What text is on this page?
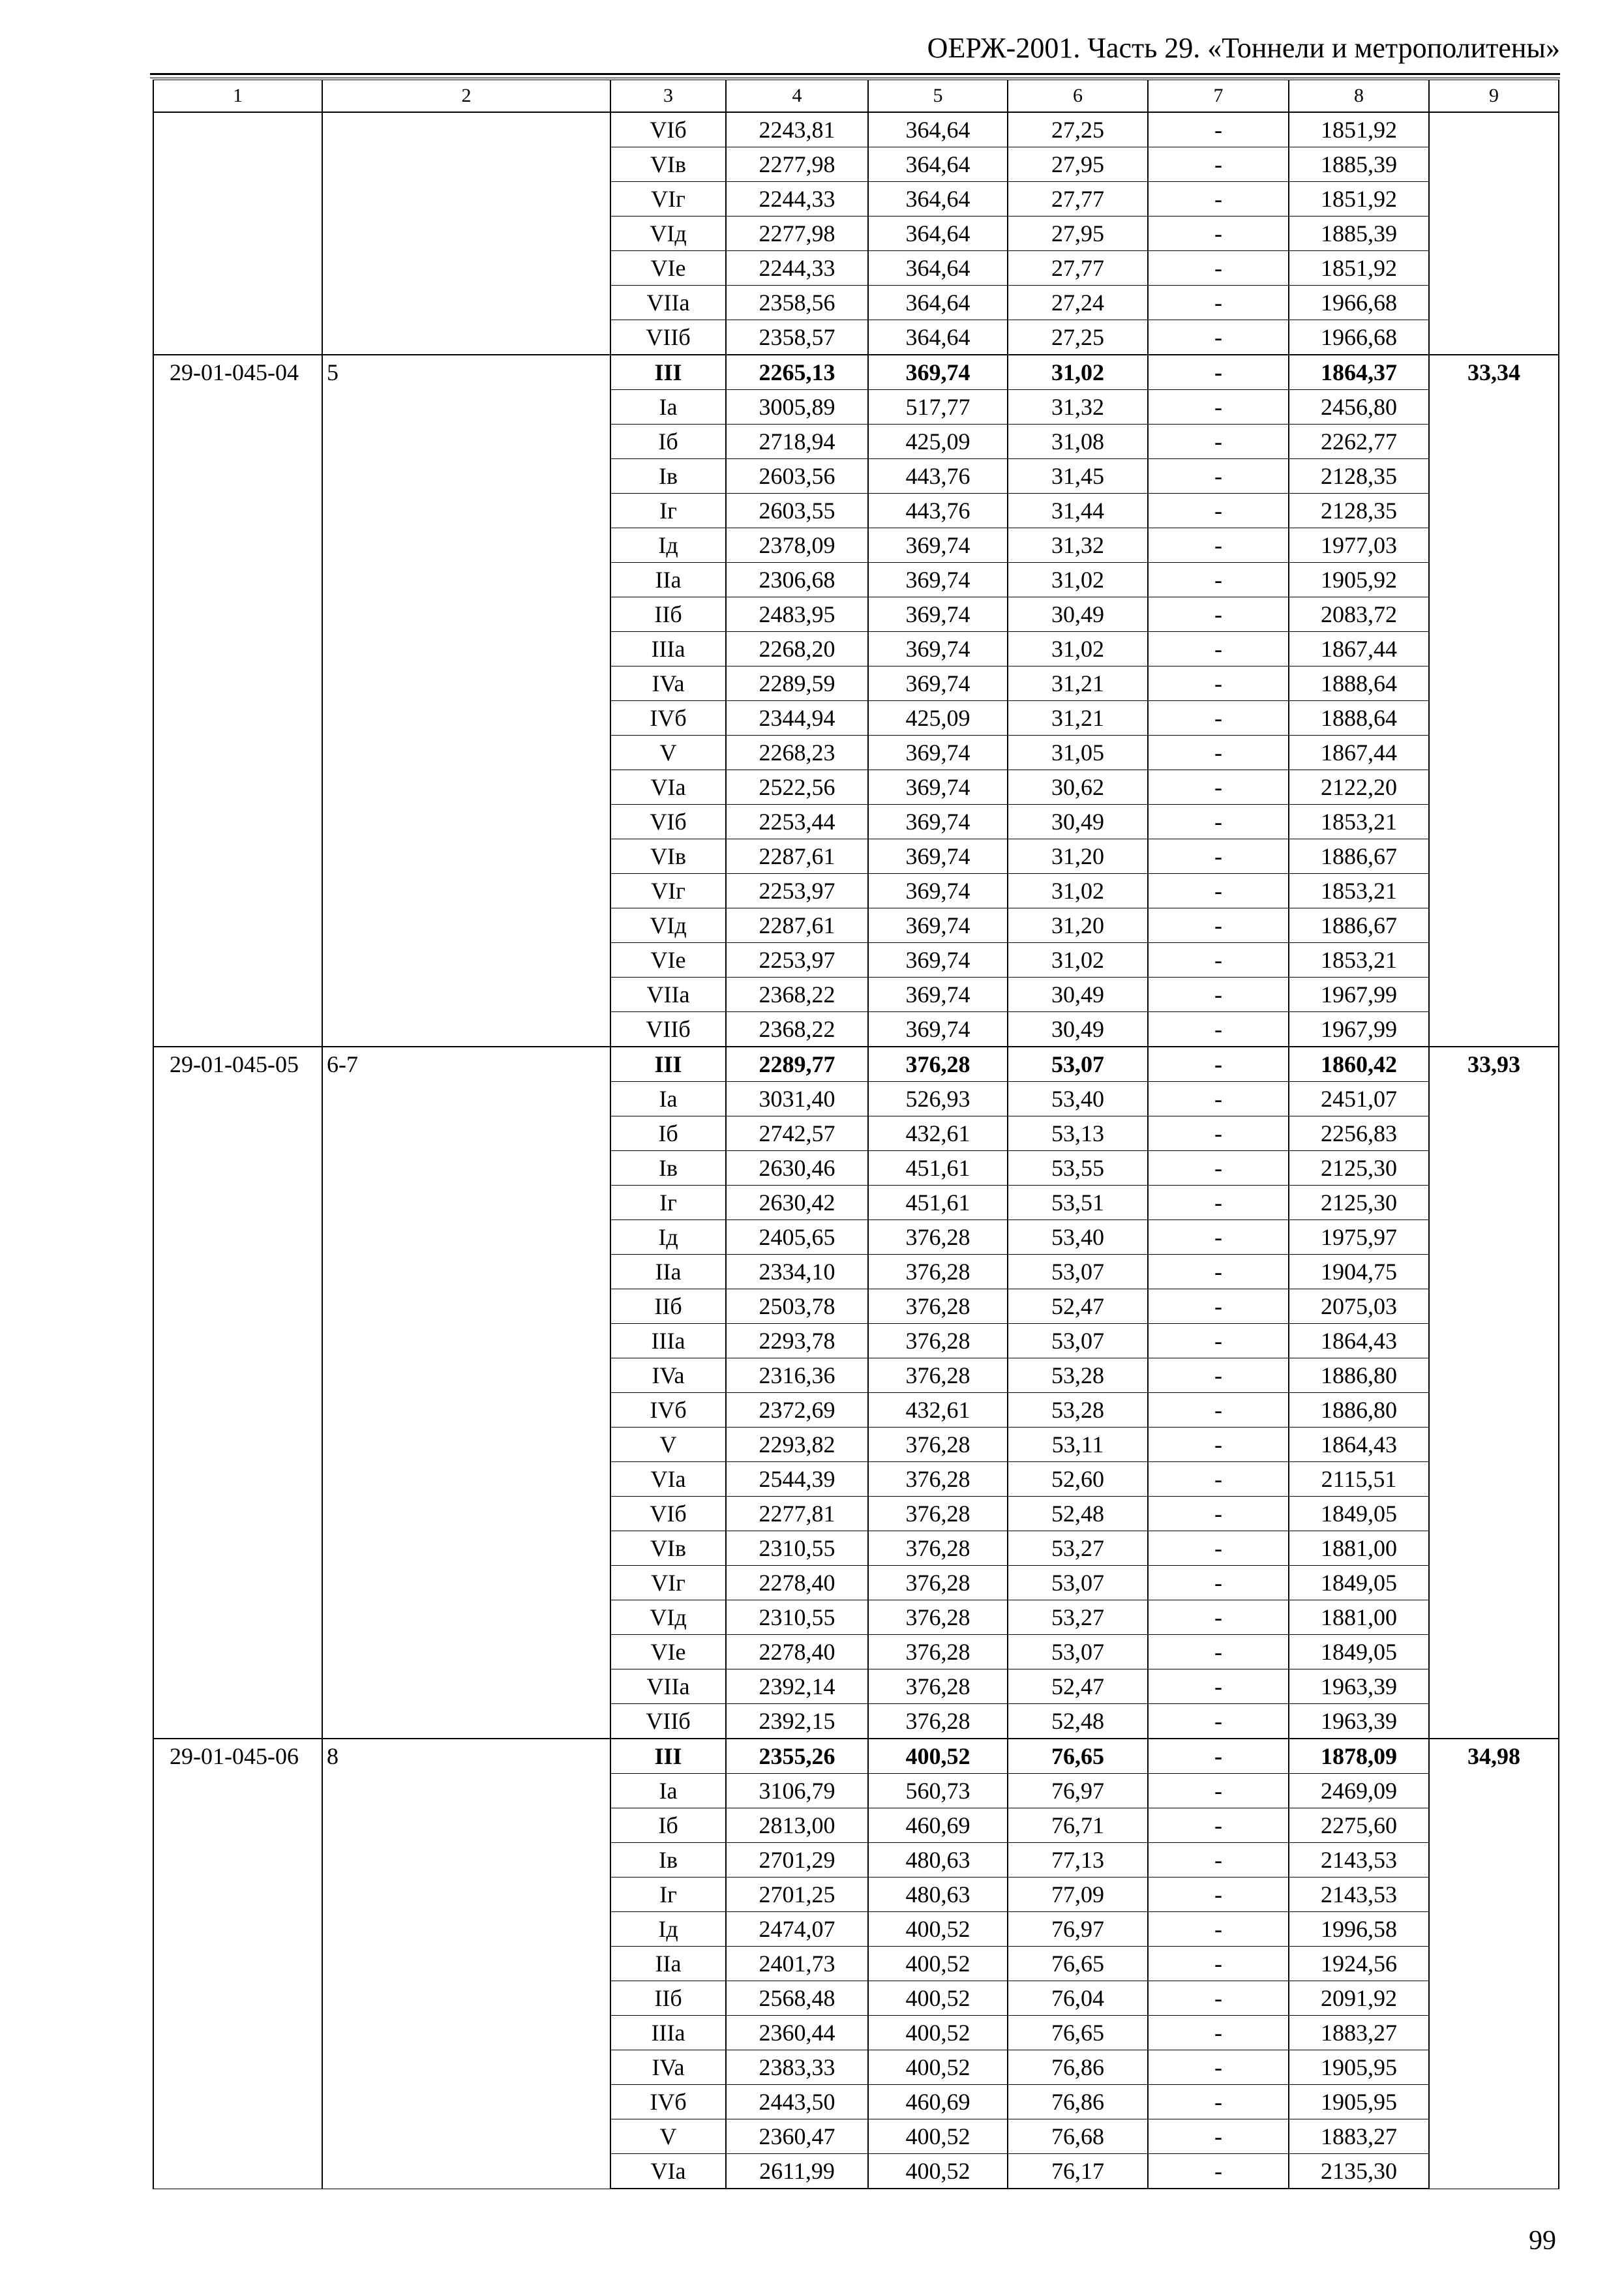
ОЕРЖ-2001. Часть 29. «Тоннели и метрополитены»
1	2	3	4	5	6	7	8	9
		VIб	2243,81	364,64	27,25	-	1851,92	
		VIв	2277,98	364,64	27,95	-	1885,39	
		VIг	2244,33	364,64	27,77	-	1851,92	
		VIд	2277,98	364,64	27,95	-	1885,39	
		VIe	2244,33	364,64	27,77	-	1851,92	
		VIIa	2358,56	364,64	27,24	-	1966,68	
		VIIб	2358,57	364,64	27,25	-	1966,68	
29-01-045-04	5	III	2265,13	369,74	31,02	-	1864,37	33,34
		Ia	3005,89	517,77	31,32	-	2456,80	
		Iб	2718,94	425,09	31,08	-	2262,77	
		Iв	2603,56	443,76	31,45	-	2128,35	
		Iг	2603,55	443,76	31,44	-	2128,35	
		Iд	2378,09	369,74	31,32	-	1977,03	
		IIa	2306,68	369,74	31,02	-	1905,92	
		IIб	2483,95	369,74	30,49	-	2083,72	
		IIIa	2268,20	369,74	31,02	-	1867,44	
		IVa	2289,59	369,74	31,21	-	1888,64	
		IVб	2344,94	425,09	31,21	-	1888,64	
		V	2268,23	369,74	31,05	-	1867,44	
		VIa	2522,56	369,74	30,62	-	2122,20	
		VIб	2253,44	369,74	30,49	-	1853,21	
		VIв	2287,61	369,74	31,20	-	1886,67	
		VIг	2253,97	369,74	31,02	-	1853,21	
		VIд	2287,61	369,74	31,20	-	1886,67	
		VIe	2253,97	369,74	31,02	-	1853,21	
		VIIa	2368,22	369,74	30,49	-	1967,99	
		VIIб	2368,22	369,74	30,49	-	1967,99	
29-01-045-05	6-7	III	2289,77	376,28	53,07	-	1860,42	33,93
		Ia	3031,40	526,93	53,40	-	2451,07	
		Iб	2742,57	432,61	53,13	-	2256,83	
		Iв	2630,46	451,61	53,55	-	2125,30	
		Iг	2630,42	451,61	53,51	-	2125,30	
		Iд	2405,65	376,28	53,40	-	1975,97	
		IIa	2334,10	376,28	53,07	-	1904,75	
		IIб	2503,78	376,28	52,47	-	2075,03	
		IIIa	2293,78	376,28	53,07	-	1864,43	
		IVa	2316,36	376,28	53,28	-	1886,80	
		IVб	2372,69	432,61	53,28	-	1886,80	
		V	2293,82	376,28	53,11	-	1864,43	
		VIa	2544,39	376,28	52,60	-	2115,51	
		VIб	2277,81	376,28	52,48	-	1849,05	
		VIв	2310,55	376,28	53,27	-	1881,00	
		VIг	2278,40	376,28	53,07	-	1849,05	
		VIд	2310,55	376,28	53,27	-	1881,00	
		VIe	2278,40	376,28	53,07	-	1849,05	
		VIIa	2392,14	376,28	52,47	-	1963,39	
		VIIб	2392,15	376,28	52,48	-	1963,39	
29-01-045-06	8	III	2355,26	400,52	76,65	-	1878,09	34,98
		Ia	3106,79	560,73	76,97	-	2469,09	
		Iб	2813,00	460,69	76,71	-	2275,60	
		Iв	2701,29	480,63	77,13	-	2143,53	
		Iг	2701,25	480,63	77,09	-	2143,53	
		Iд	2474,07	400,52	76,97	-	1996,58	
		IIa	2401,73	400,52	76,65	-	1924,56	
		IIб	2568,48	400,52	76,04	-	2091,92	
		IIIa	2360,44	400,52	76,65	-	1883,27	
		IVa	2383,33	400,52	76,86	-	1905,95	
		IVб	2443,50	460,69	76,86	-	1905,95	
		V	2360,47	400,52	76,68	-	1883,27	
		VIa	2611,99	400,52	76,17	-	2135,30	
99
